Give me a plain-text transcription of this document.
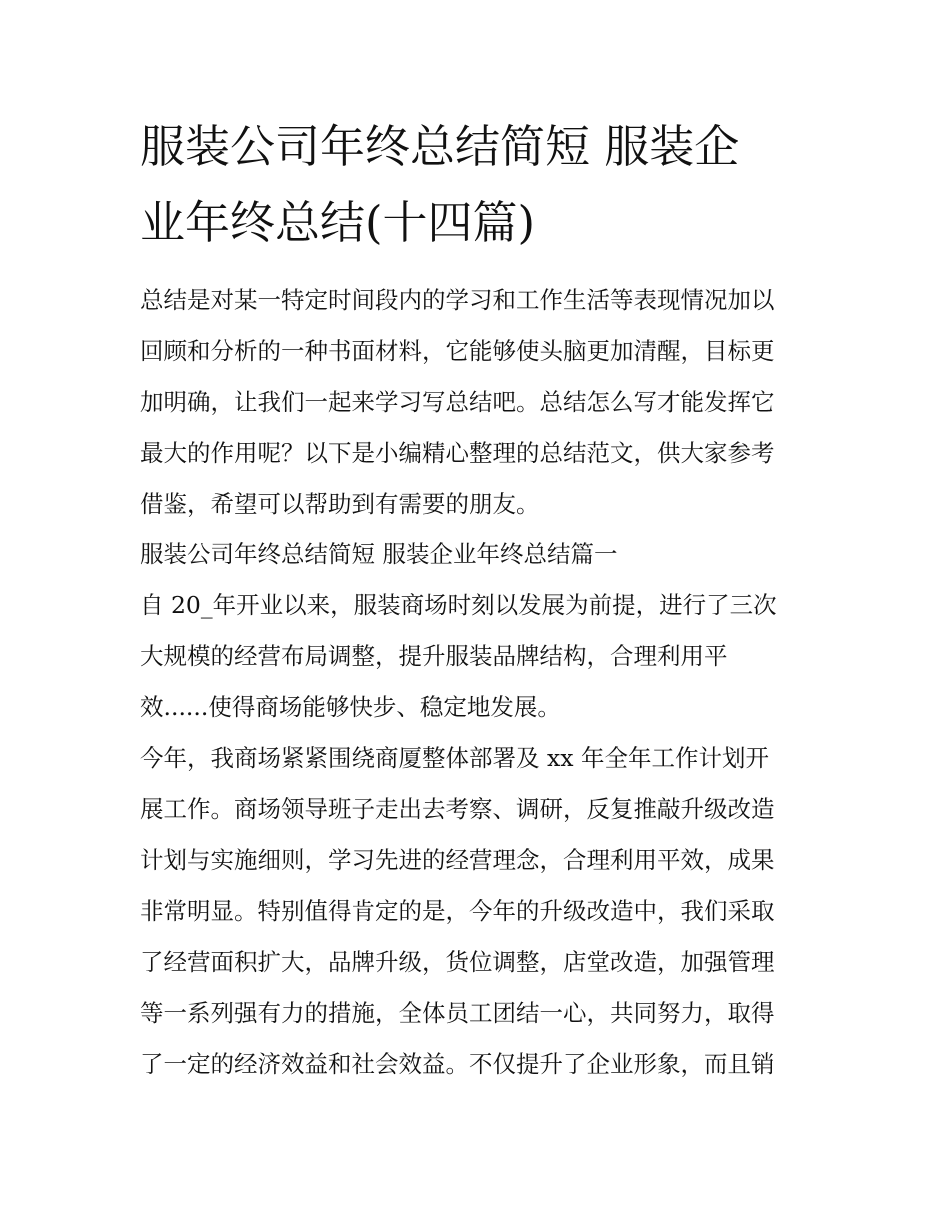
服装公司年终总结简短 服装企
业年终总结(十四篇)
总结是对某一特定时间段内的学习和工作生活等表现情况加以
回顾和分析的一种书面材料，它能够使头脑更加清醒，目标更
加明确，让我们一起来学习写总结吧。总结怎么写才能发挥它
最大的作用呢？以下是小编精心整理的总结范文，供大家参考
借鉴，希望可以帮助到有需要的朋友。
服装公司年终总结简短 服装企业年终总结篇一
自 20_年开业以来，服装商场时刻以发展为前提，进行了三次
大规模的经营布局调整，提升服装品牌结构，合理利用平
效......使得商场能够快步、稳定地发展。
今年，我商场紧紧围绕商厦整体部署及 xx 年全年工作计划开
展工作。商场领导班子走出去考察、调研，反复推敲升级改造
计划与实施细则，学习先进的经营理念，合理利用平效，成果
非常明显。特别值得肯定的是，今年的升级改造中，我们采取
了经营面积扩大，品牌升级，货位调整，店堂改造，加强管理
等一系列强有力的措施，全体员工团结一心，共同努力，取得
了一定的经济效益和社会效益。不仅提升了企业形象，而且销
